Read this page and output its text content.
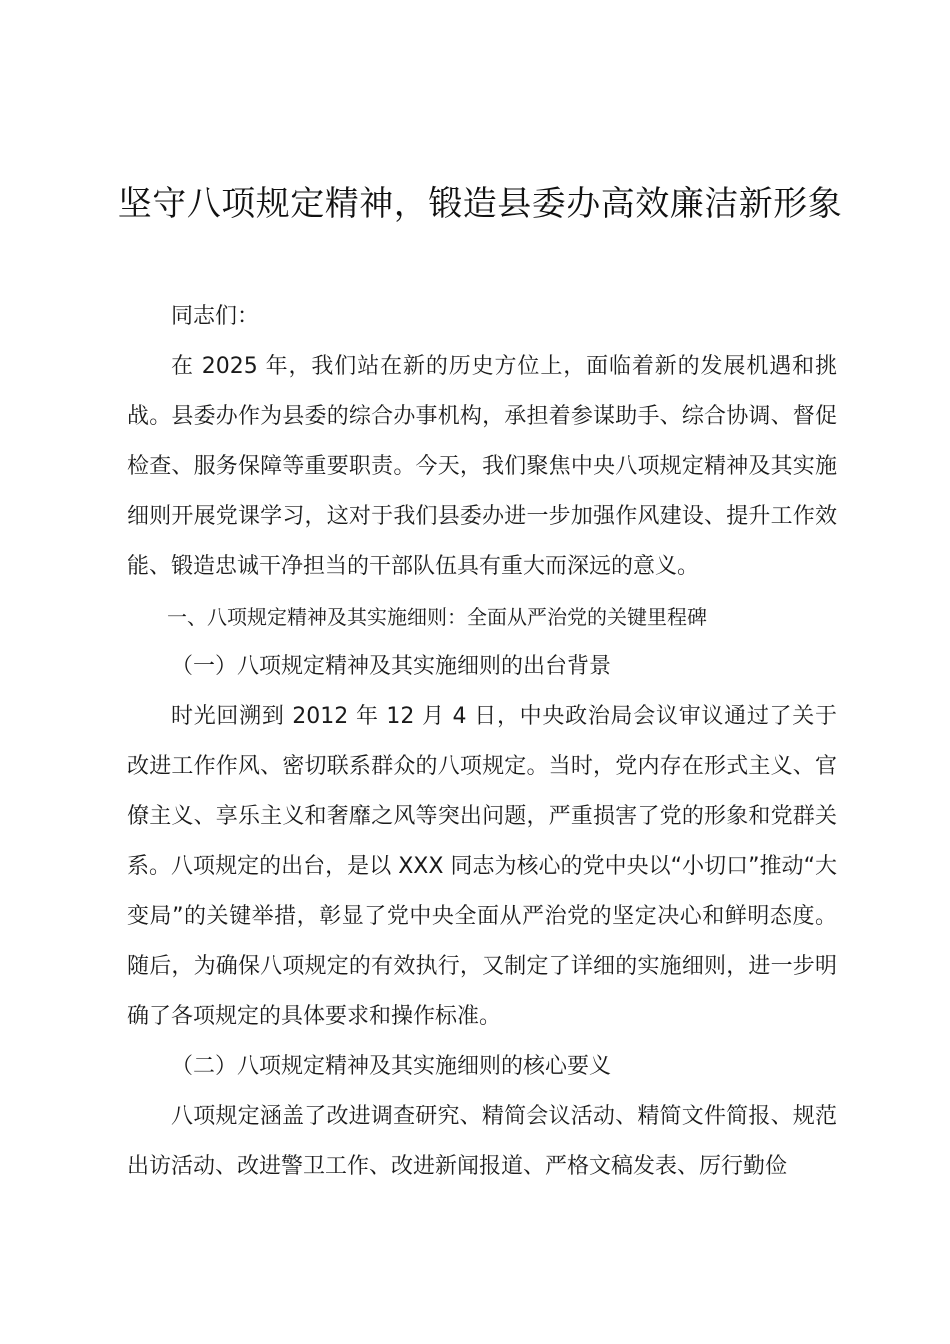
坚守八项规定精神，锻造县委办高效廉洁新形象

同志们：

在 2025 年，我们站在新的历史方位上，面临着新的发展机遇和挑战。县委办作为县委的综合办事机构，承担着参谋助手、综合协调、督促检查、服务保障等重要职责。今天，我们聚焦中央八项规定精神及其实施细则开展党课学习，这对于我们县委办进一步加强作风建设、提升工作效能、锻造忠诚干净担当的干部队伍具有重大而深远的意义。

一、八项规定精神及其实施细则：全面从严治党的关键里程碑

（一）八项规定精神及其实施细则的出台背景

时光回溯到 2012 年 12 月 4 日，中央政治局会议审议通过了关于改进工作作风、密切联系群众的八项规定。当时，党内存在形式主义、官僚主义、享乐主义和奢靡之风等突出问题，严重损害了党的形象和党群关系。八项规定的出台，是以 XXX 同志为核心的党中央以“小切口”推动“大变局”的关键举措，彰显了党中央全面从严治党的坚定决心和鲜明态度。随后，为确保八项规定的有效执行，又制定了详细的实施细则，进一步明确了各项规定的具体要求和操作标准。

（二）八项规定精神及其实施细则的核心要义

八项规定涵盖了改进调查研究、精简会议活动、精简文件简报、规范出访活动、改进警卫工作、改进新闻报道、严格文稿发表、厉行勤俭
